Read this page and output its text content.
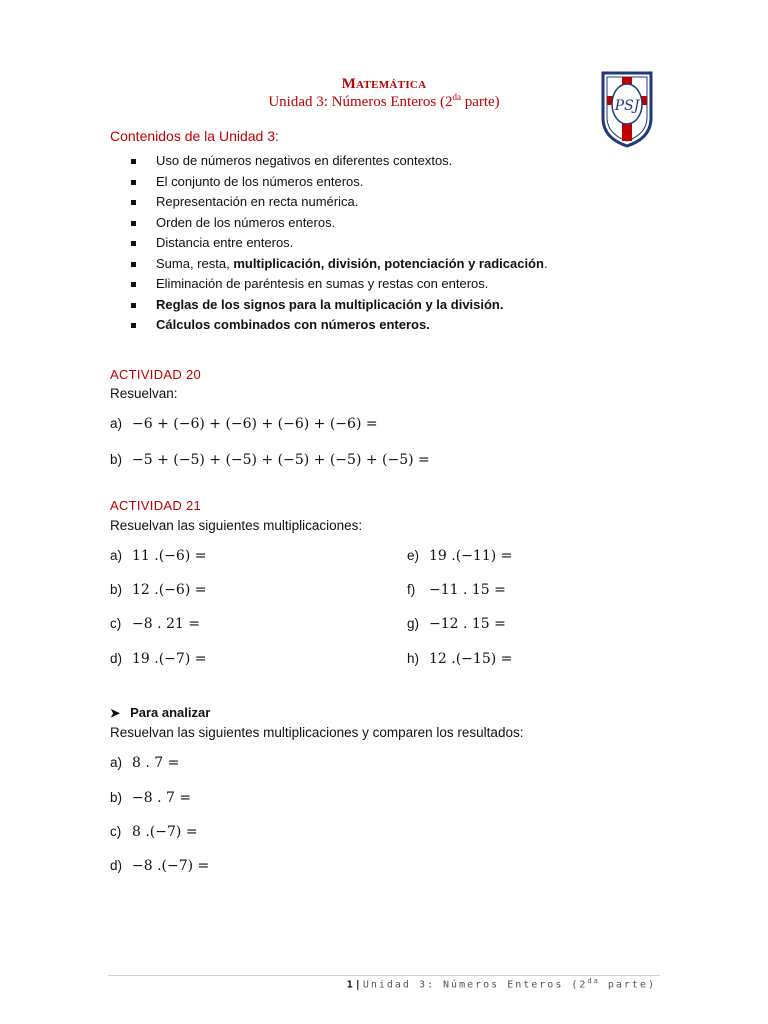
Matemática
Unidad 3: Números Enteros ($2^{da}$ parte)	PSJ
Contenidos de la Unidad 3:
Uso de números negativos en diferentes contextos.
El conjunto de los números enteros.
Representación en recta numérica.
Orden de los números enteros.
Distancia entre enteros.
Suma, resta, multiplicación, división, potenciación y radicación.
Eliminación de paréntesis en sumas y restas con enteros.
Reglas de los signos para la multiplicación y la división.
Cálculos combinados con números enteros.
ACTIVIDAD 20
Resuelvan:
a) −6 + (−6) + (−6) + (−6) + (−6) =
b) −5 + (−5) + (−5) + (−5) + (−5) + (−5) =
ACTIVIDAD 21
Resuelvan las siguientes multiplicaciones:
a) 11 .(−6) =
b) 12 .(−6) =
c) −8 . 21 =
d) 19 .(−7) =
e) 19 .(−11) =
f) −11 . 15 =
g) −12 . 15 =
h) 12 .(−15) =
➤ Para analizar
Resuelvan las siguientes multiplicaciones y comparen los resultados:
a) 8 . 7 =
b) −8 . 7 =
c) 8 .(−7) =
d) −8 .(−7) =
1|Unidad 3: Números Enteros ($2^{da}$ parte)
